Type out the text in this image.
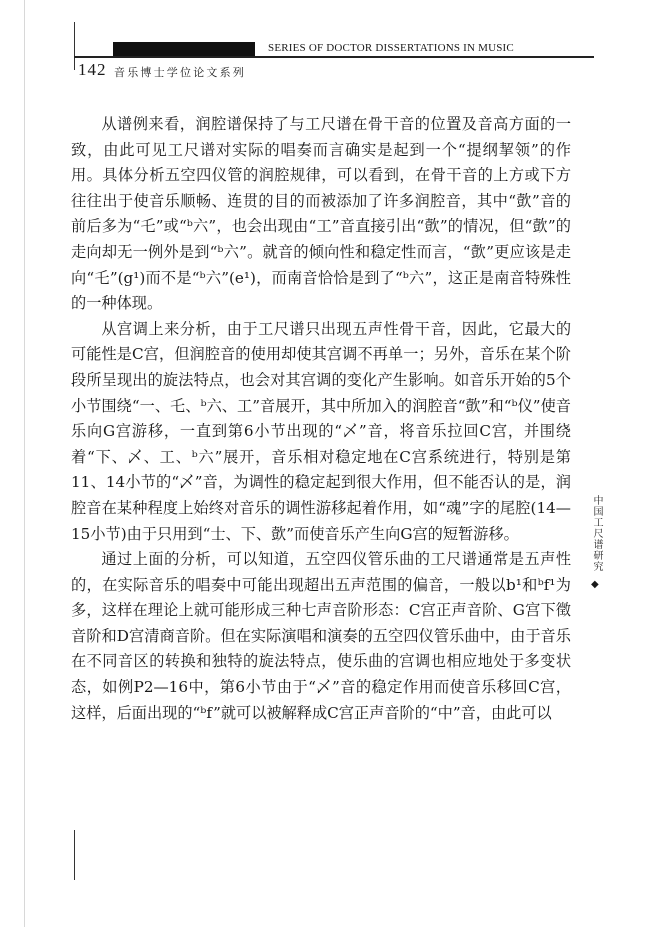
SERIES OF DOCTOR DISSERTATIONS IN MUSIC
142 音乐博士学位论文系列

从谱例来看，润腔谱保持了与工尺谱在骨干音的位置及音高方面的一致，由此可见工尺谱对实际的唱奏而言确实是起到一个“提纲挈领”的作用。具体分析五空四仪管的润腔规律，可以看到，在骨干音的上方或下方往往出于使音乐顺畅、连贯的目的而被添加了许多润腔音，其中“㱅”音的前后多为“乇”或“ᵇ六”，也会出现由“工”音直接引出“㱅”的情况，但“㱅”的走向却无一例外是到“ᵇ六”。就音的倾向性和稳定性而言，“㱅”更应该是走向“乇”(g¹)而不是“ᵇ六”(e¹)，而南音恰恰是到了“ᵇ六”，这正是南音特殊性的一种体现。

从宫调上来分析，由于工尺谱只出现五声性骨干音，因此，它最大的可能性是C宫，但润腔音的使用却使其宫调不再单一；另外，音乐在某个阶段所呈现出的旋法特点，也会对其宫调的变化产生影响。如音乐开始的5个小节围绕“一、乇、ᵇ六、工”音展开，其中所加入的润腔音“㱅”和“ᵇ仪”使音乐向G宫游移，一直到第6小节出现的“乄”音，将音乐拉回C宫，并围绕着“下、乄、工、ᵇ六”展开，音乐相对稳定地在C宫系统进行，特别是第11、14小节的“乄”音，为调性的稳定起到很大作用，但不能否认的是，润腔音在某种程度上始终对音乐的调性游移起着作用，如“魂”字的尾腔(14—15小节)由于只用到“士、下、㱅”而使音乐产生向G宫的短暂游移。

通过上面的分析，可以知道，五空四仪管乐曲的工尺谱通常是五声性的，在实际音乐的唱奏中可能出现超出五声范围的偏音，一般以b¹和ᵇf¹为多，这样在理论上就可能形成三种七声音阶形态：C宫正声音阶、G宫下徵音阶和D宫清商音阶。但在实际演唱和演奏的五空四仪管乐曲中，由于音乐在不同音区的转换和独特的旋法特点，使乐曲的宫调也相应地处于多变状态，如例P2—16中，第6小节由于“乄”音的稳定作用而使音乐移回C宫，这样，后面出现的“ᵇf”就可以被解释成C宫正声音阶的“中”音，由此可以

中国工尺谱研究
◆
